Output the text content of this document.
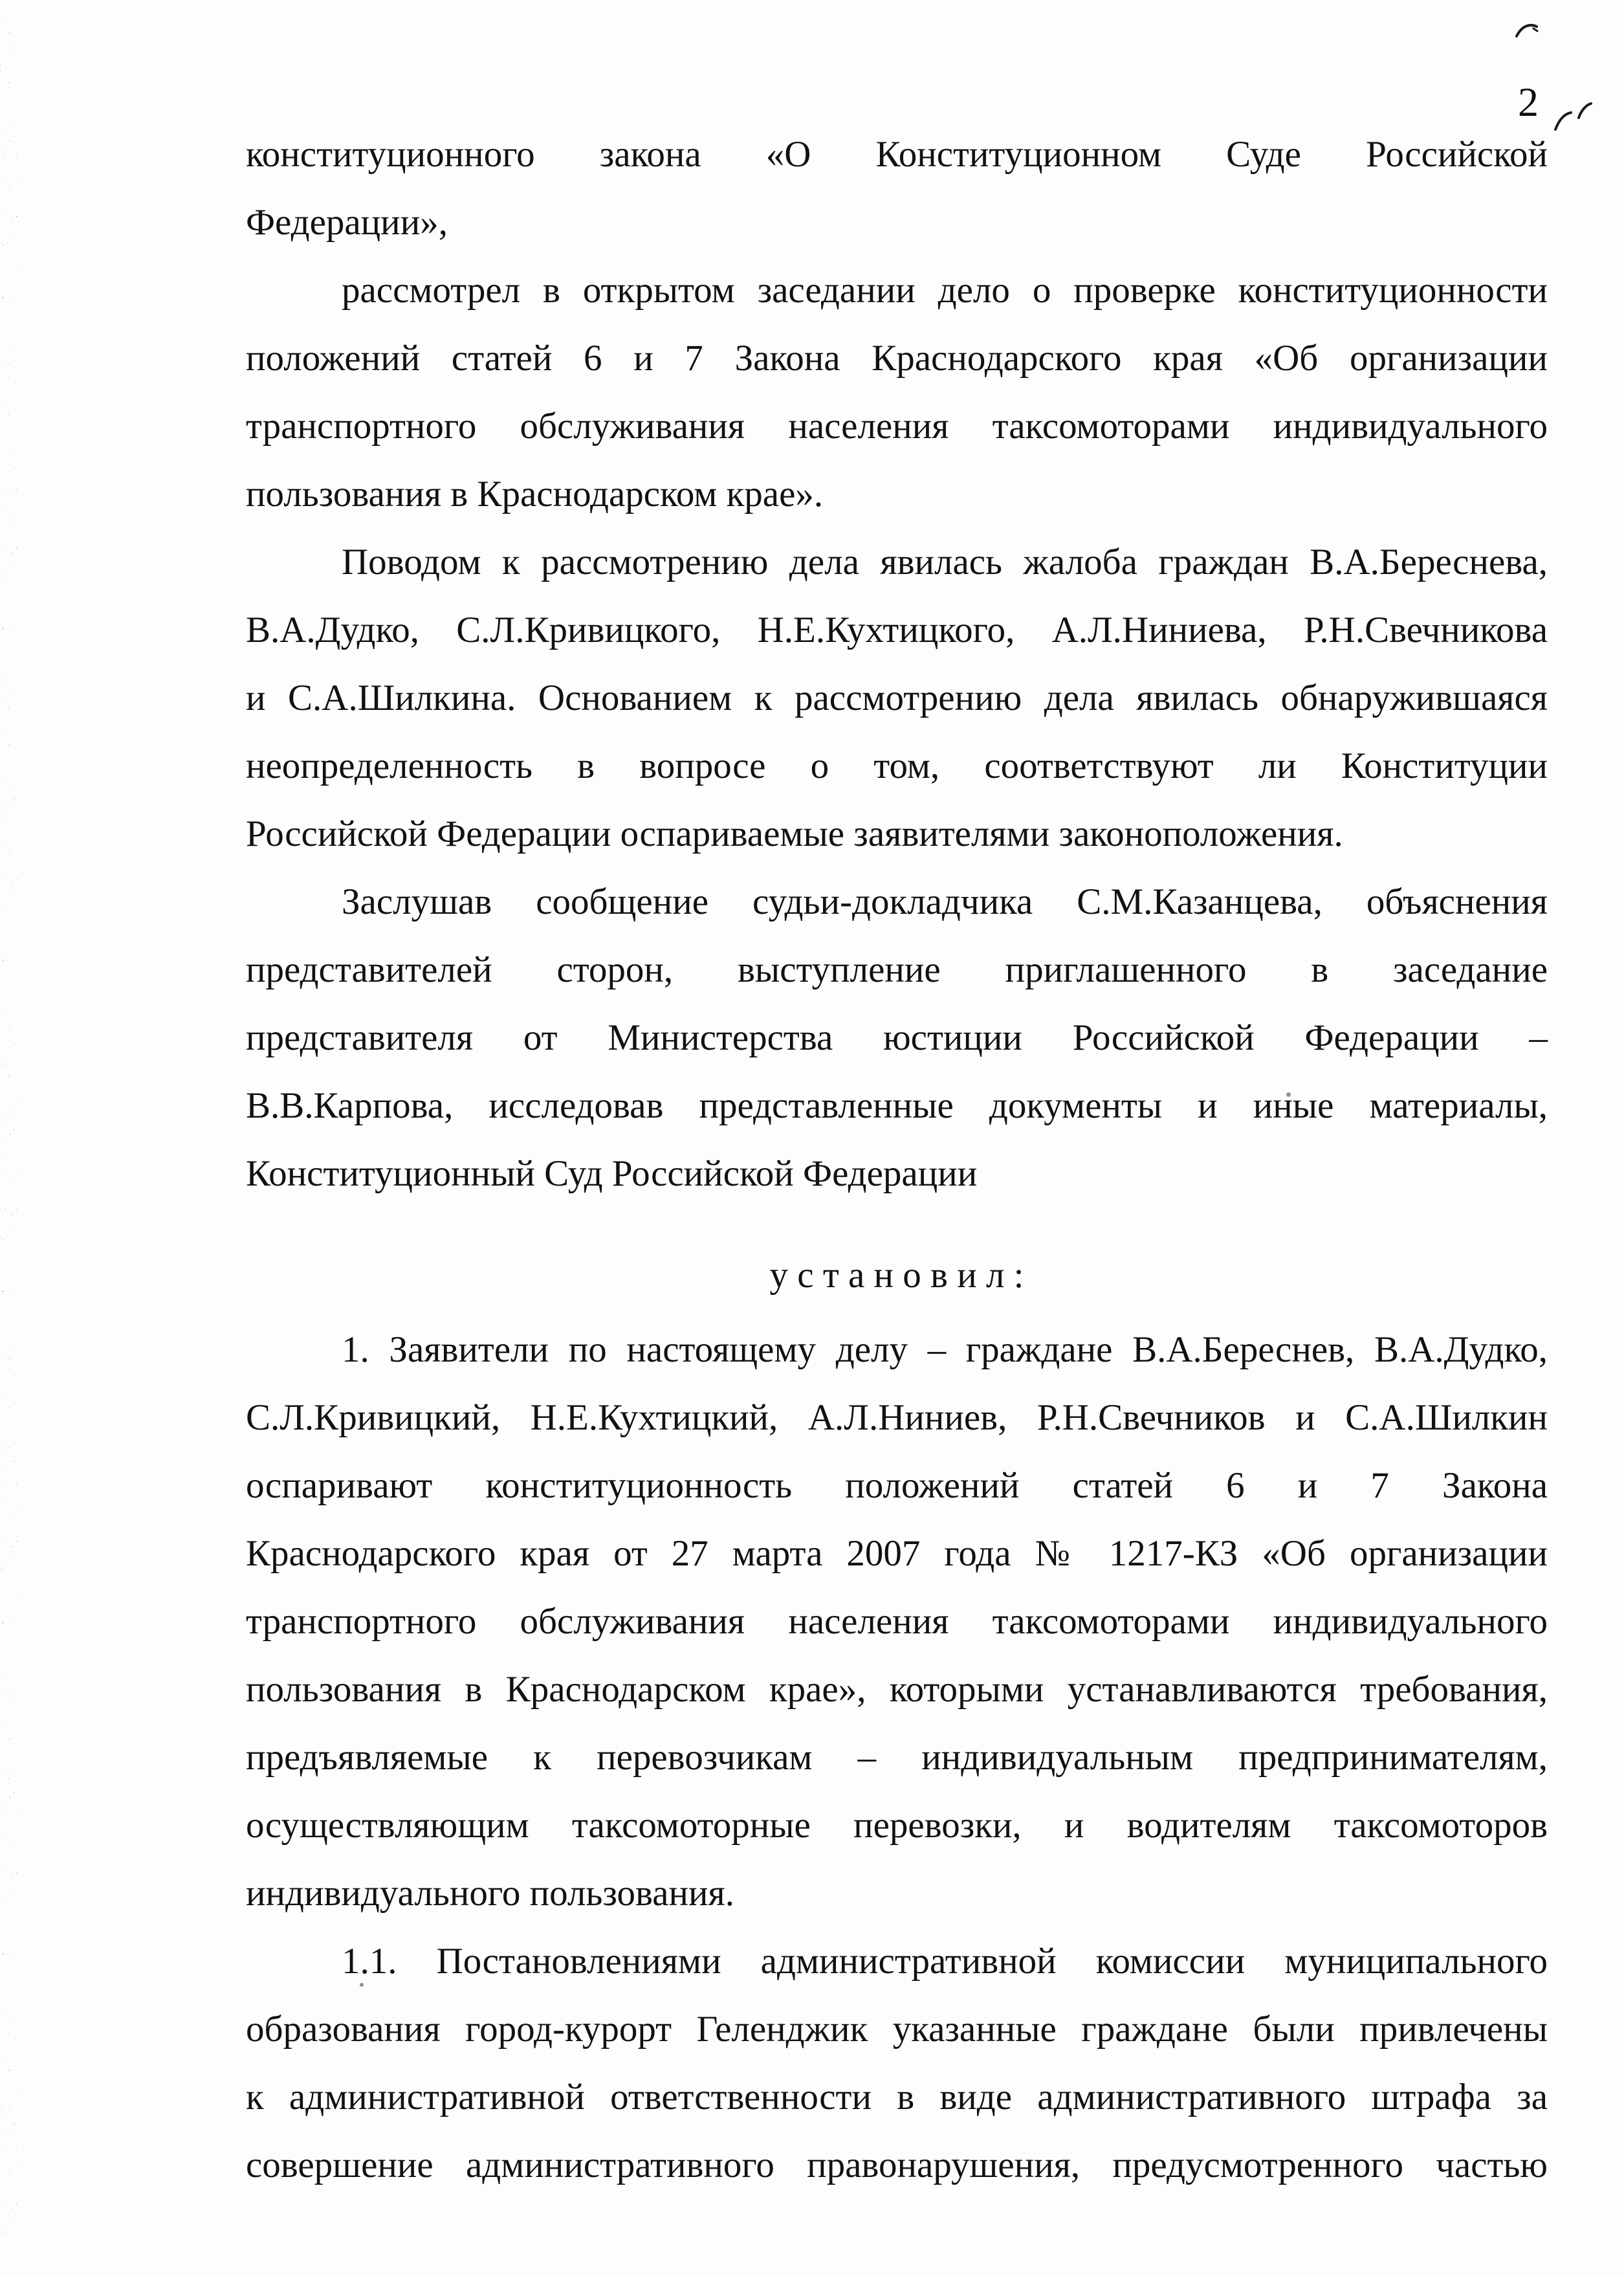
2
конституционного закона «О Конституционном Суде Российской
Федерации»,
рассмотрел в открытом заседании дело о проверке конституционности
положений статей 6 и 7 Закона Краснодарского края «Об организации
транспортного обслуживания населения таксомоторами индивидуального
пользования в Краснодарском крае».
Поводом к рассмотрению дела явилась жалоба граждан В.А.Береснева,
В.А.Дудко, С.Л.Кривицкого, Н.Е.Кухтицкого, А.Л.Ниниева, Р.Н.Свечникова
и С.А.Шилкина. Основанием к рассмотрению дела явилась обнаружившаяся
неопределенность в вопросе о том, соответствуют ли Конституции
Российской Федерации оспариваемые заявителями законоположения.
Заслушав сообщение судьи-докладчика С.М.Казанцева, объяснения
представителей сторон, выступление приглашенного в заседание
представителя от Министерства юстиции Российской Федерации –
В.В.Карпова, исследовав представленные документы и иные материалы,
Конституционный Суд Российской Федерации
у с т а н о в и л :
1. Заявители по настоящему делу – граждане В.А.Береснев, В.А.Дудко,
С.Л.Кривицкий, Н.Е.Кухтицкий, А.Л.Ниниев, Р.Н.Свечников и С.А.Шилкин
оспаривают конституционность положений статей 6 и 7 Закона
Краснодарского края от 27 марта 2007 года № 1217-КЗ «Об организации
транспортного обслуживания населения таксомоторами индивидуального
пользования в Краснодарском крае», которыми устанавливаются требования,
предъявляемые к перевозчикам – индивидуальным предпринимателям,
осуществляющим таксомоторные перевозки, и водителям таксомоторов
индивидуального пользования.
1.1. Постановлениями административной комиссии муниципального
образования город-курорт Геленджик указанные граждане были привлечены
к административной ответственности в виде административного штрафа за
совершение административного правонарушения, предусмотренного частью
